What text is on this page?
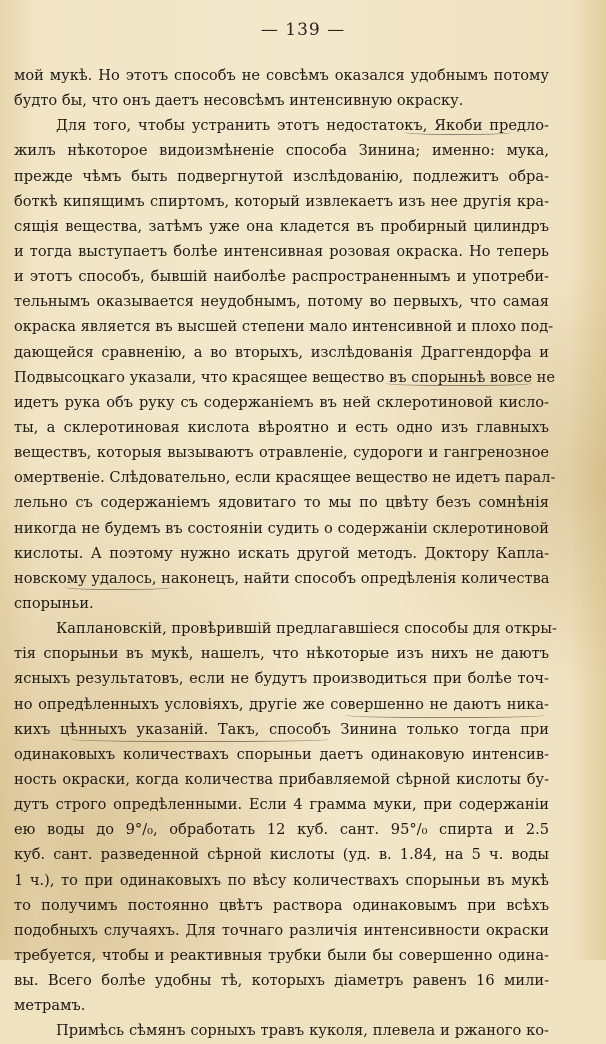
— 139 —
мой мукѣ. Но этотъ способъ не совсѣмъ оказался удобнымъ потому
будто бы, что онъ даетъ несовсѣмъ интенсивную окраску.
Для того, чтобы устранить этотъ недостатокъ, Якоби предло-
жилъ нѣкоторое видоизмѣненіе способа Зинина; именно: мука,
прежде чѣмъ быть подвергнутой изслѣдованію, подлежитъ обра-
боткѣ кипящимъ спиртомъ, который извлекаетъ изъ нее другія кра-
сящія вещества, затѣмъ уже она кладется въ пробирный цилиндръ
и тогда выступаетъ болѣе интенсивная розовая окраска. Но теперь
и этотъ способъ, бывшій наиболѣе распространеннымъ и употреби-
тельнымъ оказывается неудобнымъ, потому во первыхъ, что самая
окраска является въ высшей степени мало интенсивной и плохо под-
дающейся сравненію, а во вторыхъ, изслѣдованія Драггендорфа и
Подвысоцкаго указали, что красящее вещество въ спорыньѣ вовсе не
идетъ рука объ руку съ содержаніемъ въ ней склеротиновой кисло-
ты, а склеротиновая кислота вѣроятно и есть одно изъ главныхъ
веществъ, которыя вызываютъ отравленіе, судороги и гангренозное
омертвеніе. Слѣдовательно, если красящее вещество не идетъ парал-
лельно съ содержаніемъ ядовитаго то мы по цвѣту безъ сомнѣнія
никогда не будемъ въ состояніи судить о содержаніи склеротиновой
кислоты. А поэтому нужно искать другой методъ. Доктору Капла-
новскому удалось, наконецъ, найти способъ опредѣленія количества
спорыньи.
Каплановскій, провѣрившій предлагавшіеся способы для откры-
тія спорыньи въ мукѣ, нашелъ, что нѣкоторые изъ нихъ не даютъ
ясныхъ результатовъ, если не будутъ производиться при болѣе точ-
но опредѣленныхъ условіяхъ, другіе же совершенно не даютъ ника-
кихъ цѣнныхъ указаній. Такъ, способъ Зинина только тогда при
одинаковыхъ количествахъ спорыньи даетъ одинаковую интенсив-
ность окраски, когда количества прибавляемой сѣрной кислоты бу-
дутъ строго опредѣленными. Если 4 грамма муки, при содержаніи
ею воды до 9°/₀, обработать 12 куб. сант. 95°/₀ спирта и 2.5
куб. сант. разведенной сѣрной кислоты (уд. в. 1.84, на 5 ч. воды
1 ч.), то при одинаковыхъ по вѣсу количествахъ спорыньи въ мукѣ
то получимъ постоянно цвѣтъ раствора одинаковымъ при всѣхъ
подобныхъ случаяхъ. Для точнаго различія интенсивности окраски
требуется, чтобы и реактивныя трубки были бы совершенно одина-
вы. Всего болѣе удобны тѣ, которыхъ діаметръ равенъ 16 мили-
метрамъ.
Примѣсь сѣмянъ сорныхъ травъ куколя, плевела и ржаного ко-
